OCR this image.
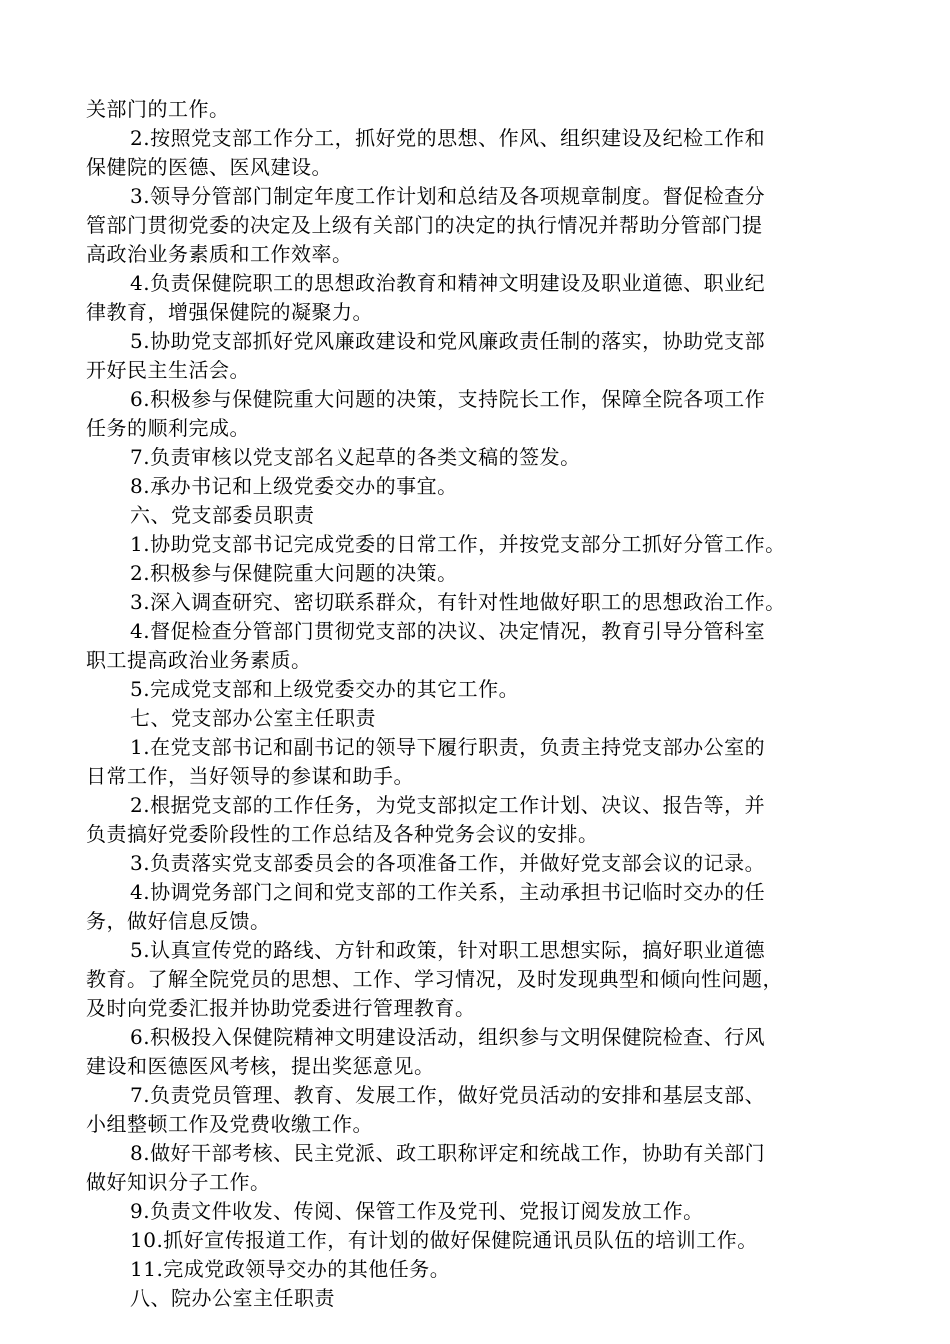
关部门的工作。
2.按照党支部工作分工，抓好党的思想、作风、组织建设及纪检工作和
保健院的医德、医风建设。
3.领导分管部门制定年度工作计划和总结及各项规章制度。督促检查分
管部门贯彻党委的决定及上级有关部门的决定的执行情况并帮助分管部门提
高政治业务素质和工作效率。
4.负责保健院职工的思想政治教育和精神文明建设及职业道德、职业纪
律教育，增强保健院的凝聚力。
5.协助党支部抓好党风廉政建设和党风廉政责任制的落实，协助党支部
开好民主生活会。
6.积极参与保健院重大问题的决策，支持院长工作，保障全院各项工作
任务的顺利完成。
7.负责审核以党支部名义起草的各类文稿的签发。
8.承办书记和上级党委交办的事宜。
六、党支部委员职责
1.协助党支部书记完成党委的日常工作，并按党支部分工抓好分管工作。
2.积极参与保健院重大问题的决策。
3.深入调查研究、密切联系群众，有针对性地做好职工的思想政治工作。
4.督促检查分管部门贯彻党支部的决议、决定情况，教育引导分管科室
职工提高政治业务素质。
5.完成党支部和上级党委交办的其它工作。
七、党支部办公室主任职责
1.在党支部书记和副书记的领导下履行职责，负责主持党支部办公室的
日常工作，当好领导的参谋和助手。
2.根据党支部的工作任务，为党支部拟定工作计划、决议、报告等，并
负责搞好党委阶段性的工作总结及各种党务会议的安排。
3.负责落实党支部委员会的各项准备工作，并做好党支部会议的记录。
4.协调党务部门之间和党支部的工作关系，主动承担书记临时交办的任
务，做好信息反馈。
5.认真宣传党的路线、方针和政策，针对职工思想实际，搞好职业道德
教育。了解全院党员的思想、工作、学习情况，及时发现典型和倾向性问题，
及时向党委汇报并协助党委进行管理教育。
6.积极投入保健院精神文明建设活动，组织参与文明保健院检查、行风
建设和医德医风考核，提出奖惩意见。
7.负责党员管理、教育、发展工作，做好党员活动的安排和基层支部、
小组整顿工作及党费收缴工作。
8.做好干部考核、民主党派、政工职称评定和统战工作，协助有关部门
做好知识分子工作。
9.负责文件收发、传阅、保管工作及党刊、党报订阅发放工作。
10.抓好宣传报道工作，有计划的做好保健院通讯员队伍的培训工作。
11.完成党政领导交办的其他任务。
八、院办公室主任职责
